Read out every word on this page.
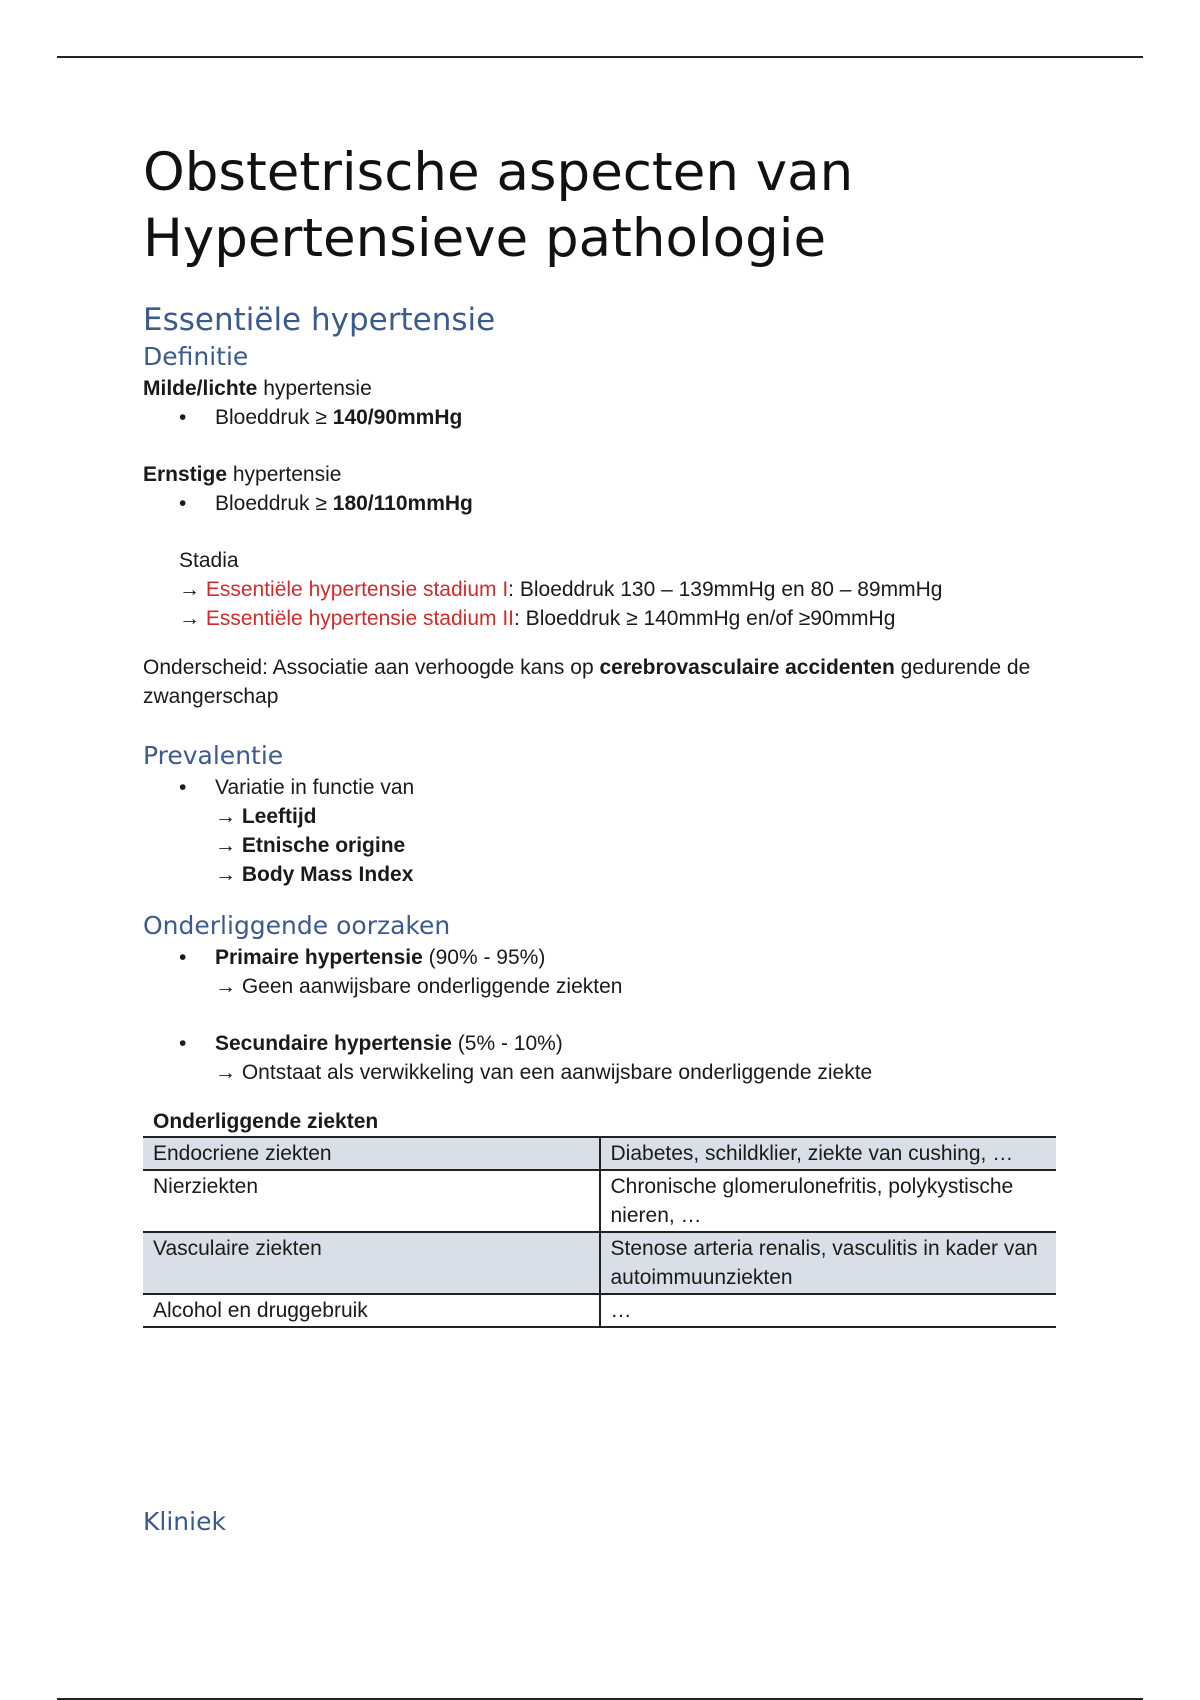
Obstetrische aspecten van
Hypertensieve pathologie
Essentiële hypertensie
Definitie

Milde/lichte hypertensie

• Bloeddruk ≥ 140/90mmHg

Ernstige hypertensie

• Bloeddruk ≥ 180/110mmHg
Stadia
→ Essentiële hypertensie stadium I: Bloeddruk 130 – 139mmHg en 80 – 89mmHg
→ Essentiële hypertensie stadium II: Bloeddruk ≥ 140mmHg en/of ≥90mmHg

Onderscheid: Associatie aan verhoogde kans op cerebrovasculaire accidenten gedurende de zwangerschap

Prevalentie
• Variatie in functie van
→ Leeftijd
→ Etnische origine
→ Body Mass Index
Onderliggende oorzaken
• Primaire hypertensie (90% - 95%)
→ Geen aanwijsbare onderliggende ziekten
• Secundaire hypertensie (5% - 10%)
→ Ontstaat als verwikkeling van een aanwijsbare onderliggende ziekte
Onderliggende ziekten	
Endocriene ziekten	Diabetes, schildklier, ziekte van cushing, …
Nierziekten	Chronische glomerulonefritis, polykystische nieren, …
Vasculaire ziekten	Stenose arteria renalis, vasculitis in kader van autoimmuunziekten
Alcohol en druggebruik	…
Kliniek
